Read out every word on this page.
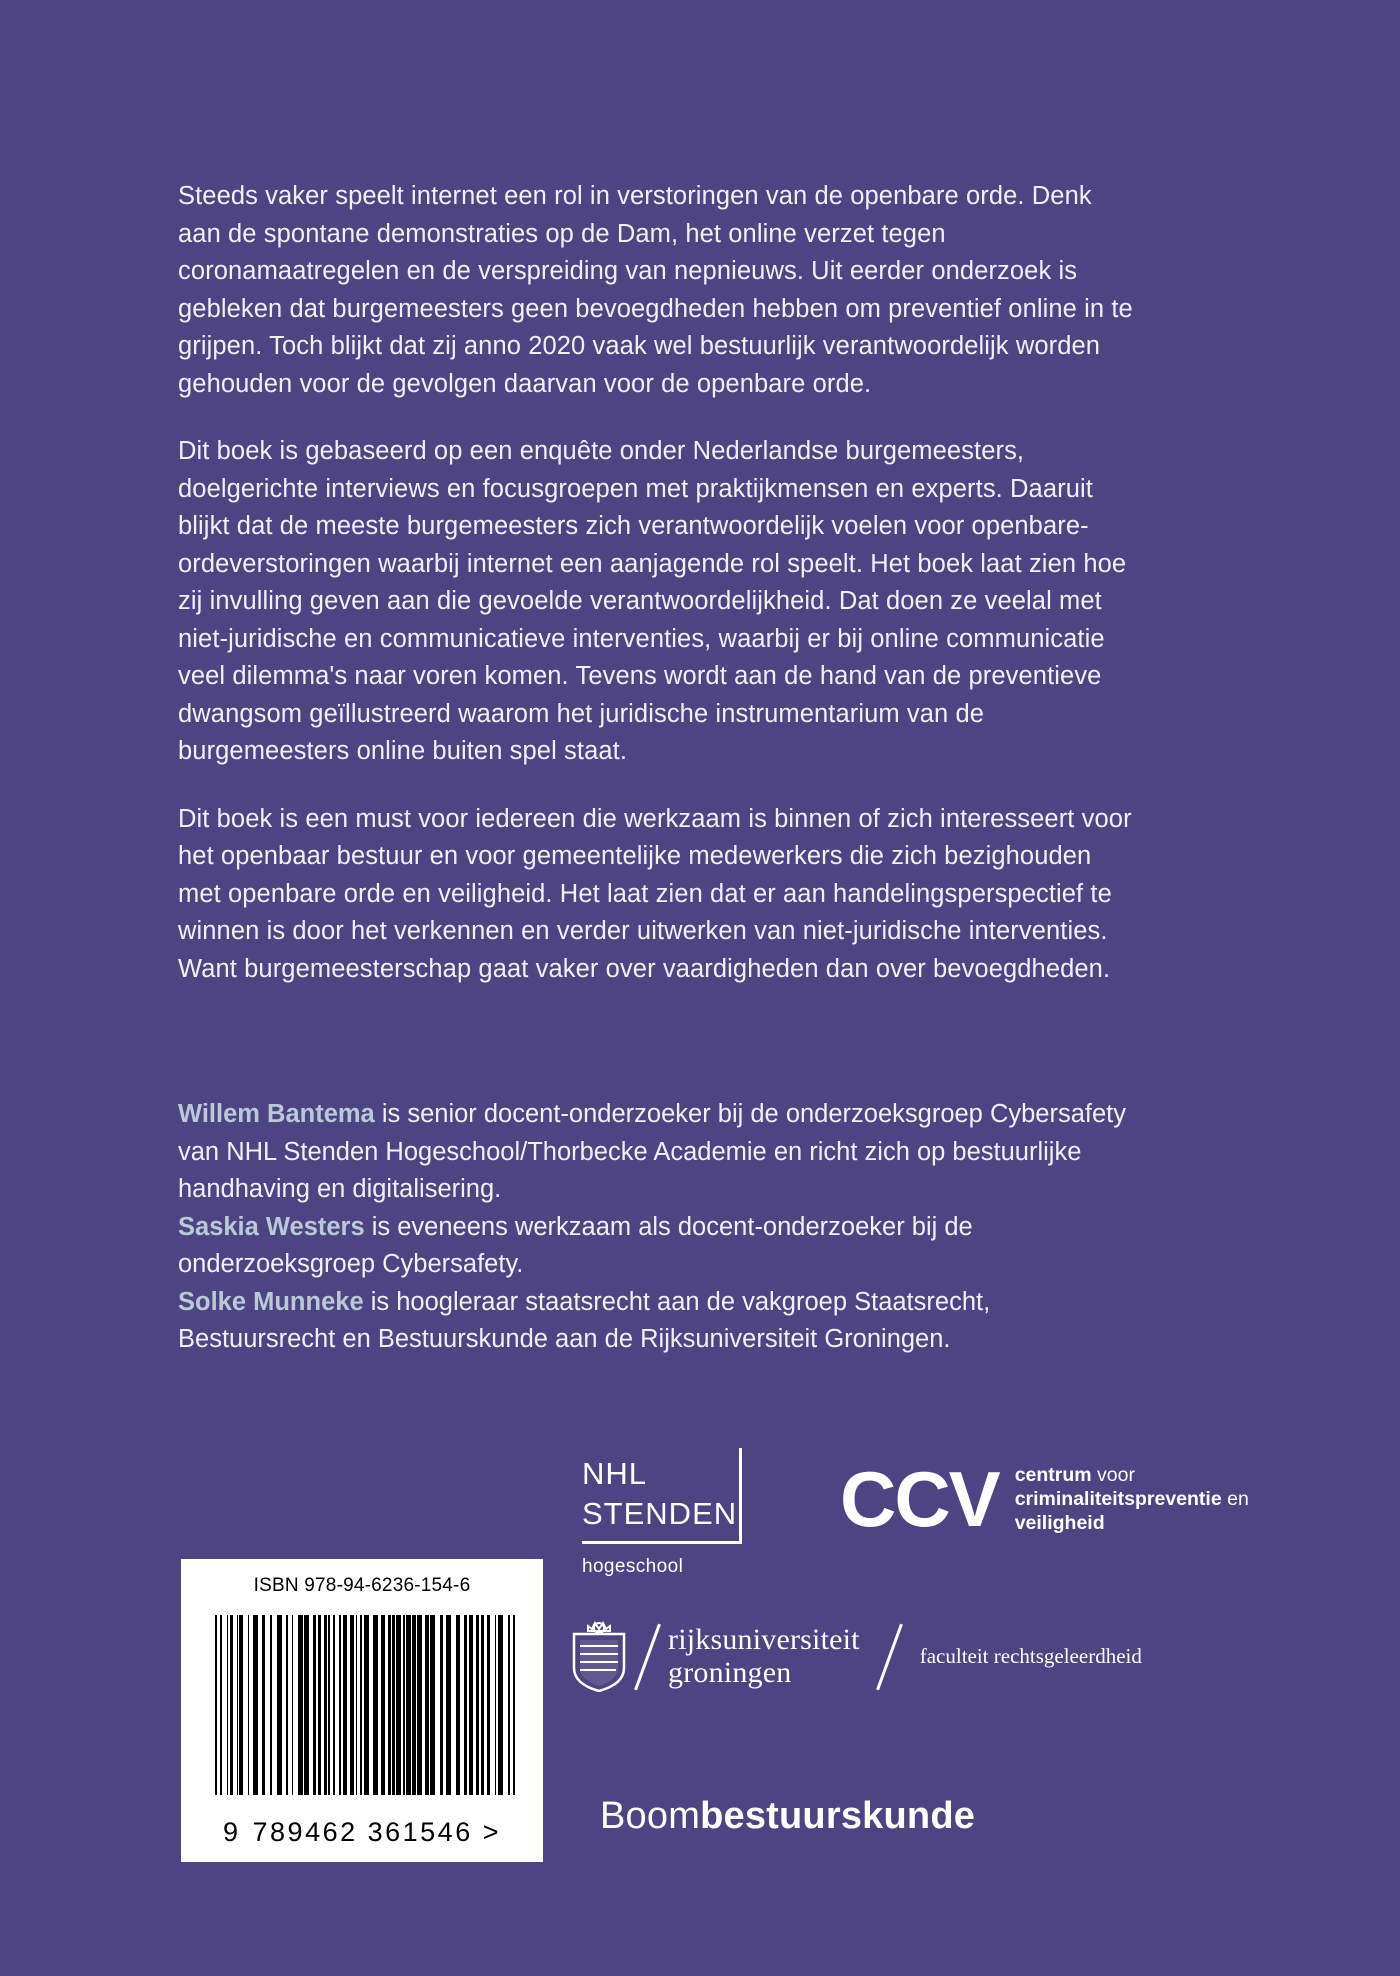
Steeds vaker speelt internet een rol in verstoringen van de openbare orde. Denk aan de spontane demonstraties op de Dam, het online verzet tegen coronamaatregelen en de verspreiding van nepnieuws. Uit eerder onderzoek is gebleken dat burgemeesters geen bevoegdheden hebben om preventief online in te grijpen. Toch blijkt dat zij anno 2020 vaak wel bestuurlijk verantwoordelijk worden gehouden voor de gevolgen daarvan voor de openbare orde.

Dit boek is gebaseerd op een enquête onder Nederlandse burgemeesters, doelgerichte interviews en focusgroepen met praktijkmensen en experts. Daaruit blijkt dat de meeste burgemeesters zich verantwoordelijk voelen voor openbare-ordeverstoringen waarbij internet een aanjagende rol speelt. Het boek laat zien hoe zij invulling geven aan die gevoelde verantwoordelijkheid. Dat doen ze veelal met niet-juridische en communicatieve interventies, waarbij er bij online communicatie veel dilemma's naar voren komen. Tevens wordt aan de hand van de preventieve dwangsom geïllustreerd waarom het juridische instrumentarium van de burgemeesters online buiten spel staat.

Dit boek is een must voor iedereen die werkzaam is binnen of zich interesseert voor het openbaar bestuur en voor gemeentelijke medewerkers die zich bezighouden met openbare orde en veiligheid. Het laat zien dat er aan handelingsperspectief te winnen is door het verkennen en verder uitwerken van niet-juridische interventies. Want burgemeesterschap gaat vaker over vaardigheden dan over bevoegdheden.

Willem Bantema is senior docent-onderzoeker bij de onderzoeksgroep Cybersafety van NHL Stenden Hogeschool/Thorbecke Academie en richt zich op bestuurlijke handhaving en digitalisering.
Saskia Westers is eveneens werkzaam als docent-onderzoeker bij de onderzoeksgroep Cybersafety.
Solke Munneke is hoogleraar staatsrecht aan de vakgroep Staatsrecht, Bestuursrecht en Bestuurskunde aan de Rijksuniversiteit Groningen.
ISBN 978-94-6236-154-6
9 789462 361546 >
NHL
STENDEN
hogeschool
CCV centrum voor
criminaliteitspreventie en
veiligheid
rijksuniversiteit
groningen
faculteit rechtsgeleerdheid
Boombestuurskunde
